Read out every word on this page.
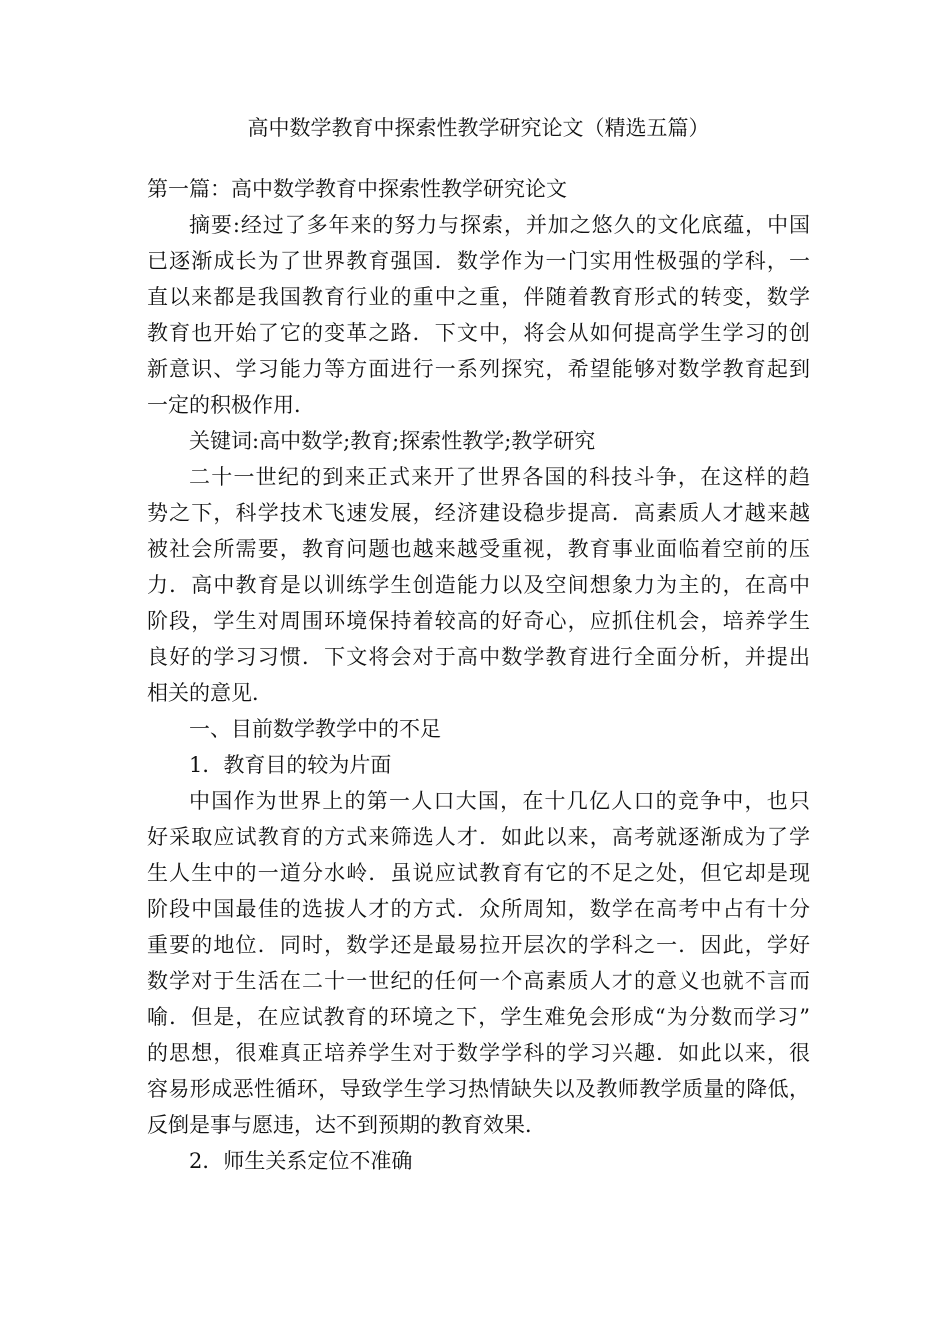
高中数学教育中探索性教学研究论文（精选五篇）
第一篇：高中数学教育中探索性教学研究论文
摘要:经过了多年来的努力与探索，并加之悠久的文化底蕴，中国
已逐渐成长为了世界教育强国．数学作为一门实用性极强的学科，一
直以来都是我国教育行业的重中之重，伴随着教育形式的转变，数学
教育也开始了它的变革之路．下文中，将会从如何提高学生学习的创
新意识、学习能力等方面进行一系列探究，希望能够对数学教育起到
一定的积极作用．
关键词:高中数学;教育;探索性教学;教学研究
二十一世纪的到来正式来开了世界各国的科技斗争，在这样的趋
势之下，科学技术飞速发展，经济建设稳步提高．高素质人才越来越
被社会所需要，教育问题也越来越受重视，教育事业面临着空前的压
力．高中教育是以训练学生创造能力以及空间想象力为主的，在高中
阶段，学生对周围环境保持着较高的好奇心，应抓住机会，培养学生
良好的学习习惯．下文将会对于高中数学教育进行全面分析，并提出
相关的意见．
一、目前数学教学中的不足
1．教育目的较为片面
中国作为世界上的第一人口大国，在十几亿人口的竞争中，也只
好采取应试教育的方式来筛选人才．如此以来，高考就逐渐成为了学
生人生中的一道分水岭．虽说应试教育有它的不足之处，但它却是现
阶段中国最佳的选拔人才的方式．众所周知，数学在高考中占有十分
重要的地位．同时，数学还是最易拉开层次的学科之一．因此，学好
数学对于生活在二十一世纪的任何一个高素质人才的意义也就不言而
喻．但是，在应试教育的环境之下，学生难免会形成“为分数而学习”
的思想，很难真正培养学生对于数学学科的学习兴趣．如此以来，很
容易形成恶性循环，导致学生学习热情缺失以及教师教学质量的降低，
反倒是事与愿违，达不到预期的教育效果．
2．师生关系定位不准确
